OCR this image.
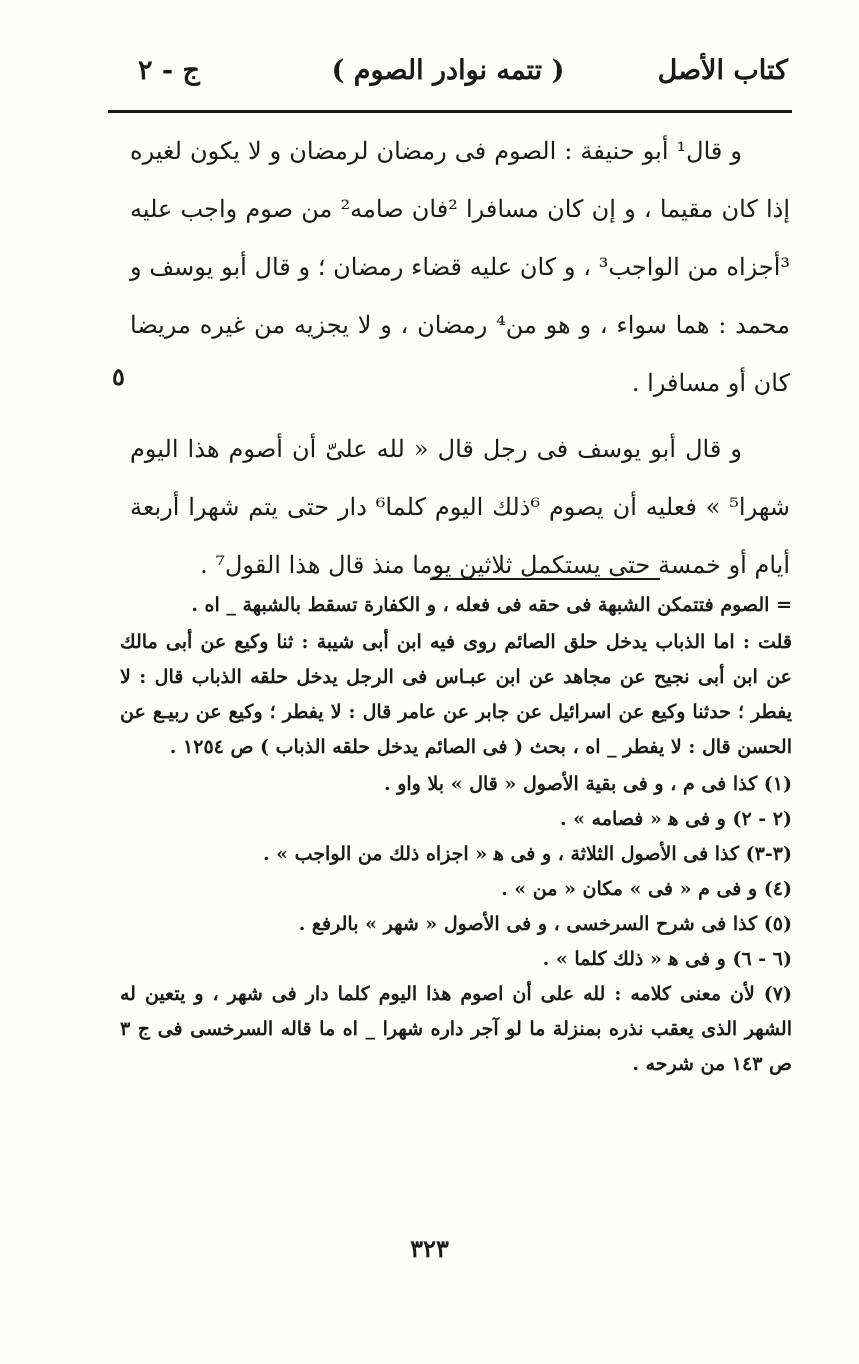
كتاب الأصل
( تتمه نوادر الصوم )
ج - ٢

و قال¹ أبو حنيفة : الصوم فى رمضان لرمضان و لا يكون لغيره إذا كان مقيما ، و إن كان مسافرا ²فان صامه² من صوم واجب عليه ³أجزاه من الواجب³ ، و كان عليه قضاء رمضان ؛ و قال أبو يوسف و محمد : هما سواء ، و هو من⁴ رمضان ، و لا يجزيه من غيره مريضا كان أو مسافرا .

و قال أبو يوسف فى رجل قال « لله علىّ أن أصوم هذا اليوم شهرا⁵ » فعليه أن يصوم ⁶ذلك اليوم كلما⁶ دار حتى يتم شهرا أربعة أيام أو خمسة حتى يستكمل ثلاثين يوما منذ قال هذا القول⁷ .

٥

= الصوم فتتمكن الشبهة فى حقه فى فعله ، و الكفارة تسقط بالشبهة _ اه .

قلت : اما الذباب يدخل حلق الصائم روى فيه ابن أبى شيبة : ثنا وكيع عن أبى مالك عن ابن أبى نجيح عن مجاهد عن ابن عبـاس فى الرجل يدخل حلقه الذباب قال : لا يفطر ؛ حدثنا وكيع عن اسرائيل عن جابر عن عامر قال : لا يفطر ؛ وكيع عن ربيـع عن الحسن قال : لا يفطر _ اه ، بحث ( فى الصائم يدخل حلقه الذباب ) ص ١٢٥٤ .

(١) كذا فى م ، و فى بقية الأصول « قال » بلا واو .

(٢ - ٢) و فى ﻫ « فصامه » .

(٣-٣) كذا فى الأصول الثلاثة ، و فى ﻫ « اجزاه ذلك من الواجب » .

(٤) و فى م « فى » مكان « من » .

(٥) كذا فى شرح السرخسى ، و فى الأصول « شهر » بالرفع .

(٦ - ٦) و فى ﻫ « ذلك كلما » .

(٧) لأن معنى كلامه : لله على أن اصوم هذا اليوم كلما دار فى شهر ، و يتعين له الشهر الذى يعقب نذره بمنزلة ما لو آجر داره شهرا _ اه ما قاله السرخسى فى ج ٣ ص ١٤٣ من شرحه .

٣٢٣
